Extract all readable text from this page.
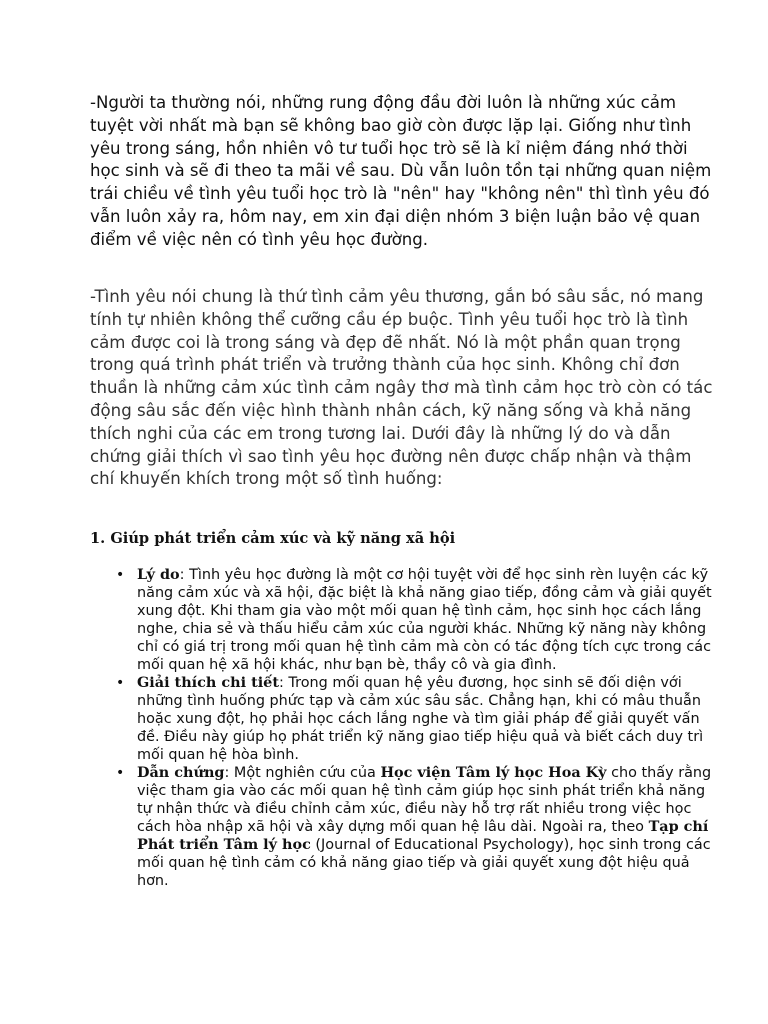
-Người ta thường nói, những rung động đầu đời luôn là những xúc cảm tuyệt vời nhất mà bạn sẽ không bao giờ còn được lặp lại. Giống như tình yêu trong sáng, hồn nhiên vô tư tuổi học trò sẽ là kỉ niệm đáng nhớ thời học sinh và sẽ đi theo ta mãi về sau. Dù vẫn luôn tồn tại những quan niệm trái chiều về tình yêu tuổi học trò là "nên" hay "không nên" thì tình yêu đó vẫn luôn xảy ra, hôm nay, em xin đại diện nhóm 3 biện luận bảo vệ quan điểm về việc nên có tình yêu học đường.

-Tình yêu nói chung là thứ tình cảm yêu thương, gắn bó sâu sắc, nó mang tính tự nhiên không thể cưỡng cầu ép buộc. Tình yêu tuổi học trò là tình cảm được coi là trong sáng và đẹp đẽ nhất. Nó là một phần quan trọng trong quá trình phát triển và trưởng thành của học sinh. Không chỉ đơn thuần là những cảm xúc tình cảm ngây thơ mà tình cảm học trò còn có tác động sâu sắc đến việc hình thành nhân cách, kỹ năng sống và khả năng thích nghi của các em trong tương lai. Dưới đây là những lý do và dẫn chứng giải thích vì sao tình yêu học đường nên được chấp nhận và thậm chí khuyến khích trong một số tình huống:

1. Giúp phát triển cảm xúc và kỹ năng xã hội
• Lý do: Tình yêu học đường là một cơ hội tuyệt vời để học sinh rèn luyện các kỹ năng cảm xúc và xã hội, đặc biệt là khả năng giao tiếp, đồng cảm và giải quyết xung đột. Khi tham gia vào một mối quan hệ tình cảm, học sinh học cách lắng nghe, chia sẻ và thấu hiểu cảm xúc của người khác. Những kỹ năng này không chỉ có giá trị trong mối quan hệ tình cảm mà còn có tác động tích cực trong các mối quan hệ xã hội khác, như bạn bè, thầy cô và gia đình.
• Giải thích chi tiết: Trong mối quan hệ yêu đương, học sinh sẽ đối diện với những tình huống phức tạp và cảm xúc sâu sắc. Chẳng hạn, khi có mâu thuẫn hoặc xung đột, họ phải học cách lắng nghe và tìm giải pháp để giải quyết vấn đề. Điều này giúp họ phát triển kỹ năng giao tiếp hiệu quả và biết cách duy trì mối quan hệ hòa bình.
• Dẫn chứng: Một nghiên cứu của Học viện Tâm lý học Hoa Kỳ cho thấy rằng việc tham gia vào các mối quan hệ tình cảm giúp học sinh phát triển khả năng tự nhận thức và điều chỉnh cảm xúc, điều này hỗ trợ rất nhiều trong việc học cách hòa nhập xã hội và xây dựng mối quan hệ lâu dài. Ngoài ra, theo Tạp chí Phát triển Tâm lý học (Journal of Educational Psychology), học sinh trong các mối quan hệ tình cảm có khả năng giao tiếp và giải quyết xung đột hiệu quả hơn.
